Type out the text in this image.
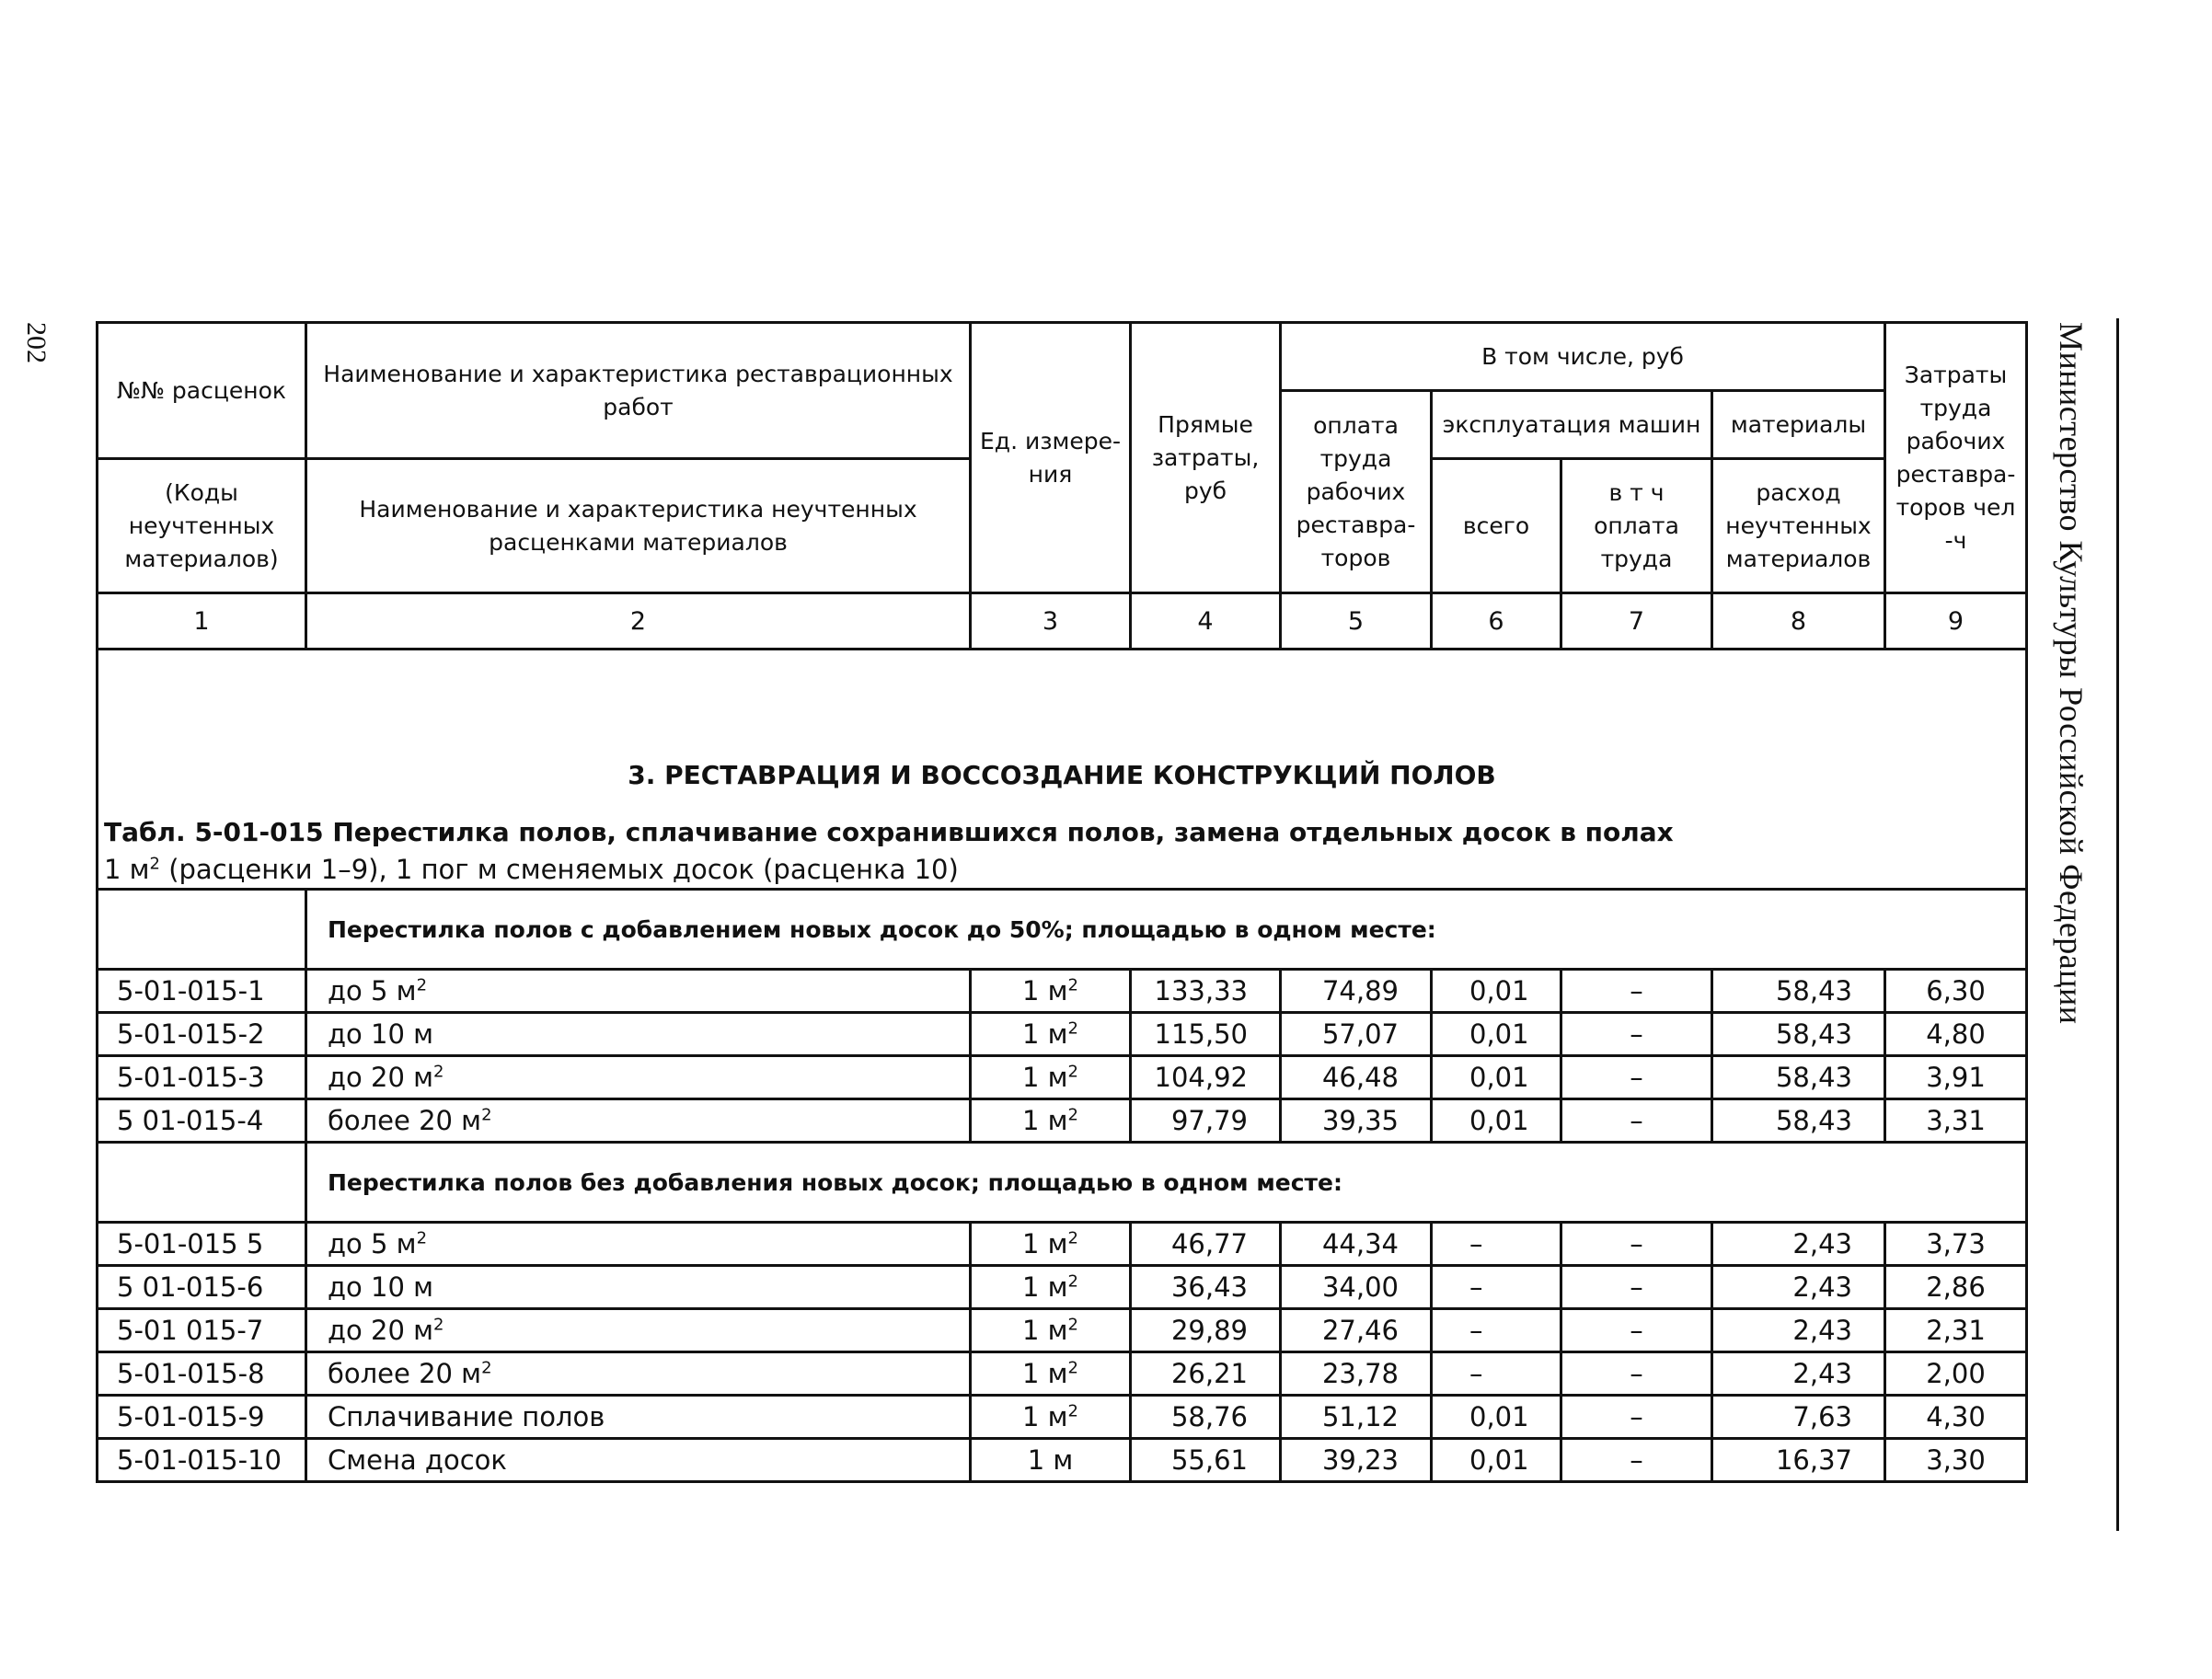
202	Министерство Культуры Российской Федерации
№№ расценок	Наименование и характеристика реставрационных работ	Ед. измере-ния	Прямые затраты, руб	В том числе, руб				Затраты труда рабочих реставра-торов чел -ч
				оплата труда рабочих реставра-торов	эксплуатация машин		материалы	
(Коды неучтенных материалов)	Наименование и характеристика неучтенных расценками материалов				всего	в т ч оплата труда	расход неучтенных материалов	
1	2	3	4	5	6	7	8	9

3. РЕСТАВРАЦИЯ И ВОССОЗДАНИЕ КОНСТРУКЦИЙ ПОЛОВ
Табл. 5-01-015 Перестилка полов, сплачивание сохранившихся полов, замена отдельных досок в полах
1 $м^2$ (расценки 1–9), 1 пог м сменяемых досок (расценка 10)								

	Перестилка полов с добавлением новых досок до 50%; площадью в одном месте:							
5-01-015-1	до 5 $м^2$	1 $м^2$	133,33	74,89	0,01	–	58,43	6,30
5-01-015-2	до 10 м	1 $м^2$	115,50	57,07	0,01	–	58,43	4,80
5-01-015-3	до 20 $м^2$	1 $м^2$	104,92	46,48	0,01	–	58,43	3,91
5 01-015-4	более 20 $м^2$	1 $м^2$	97,79	39,35	0,01	–	58,43	3,31
	Перестилка полов без добавления новых досок; площадью в одном месте:							
5-01-015 5	до 5 $м^2$	1 $м^2$	46,77	44,34	–	–	2,43	3,73
5 01-015-6	до 10 м	1 $м^2$	36,43	34,00	–	–	2,43	2,86
5-01 015-7	до 20 $м^2$	1 $м^2$	29,89	27,46	–	–	2,43	2,31
5-01-015-8	более 20 $м^2$	1 $м^2$	26,21	23,78	–	–	2,43	2,00
5-01-015-9	Сплачивание полов	1 $м^2$	58,76	51,12	0,01	–	7,63	4,30
5-01-015-10	Смена досок	1 м	55,61	39,23	0,01	–	16,37	3,30
